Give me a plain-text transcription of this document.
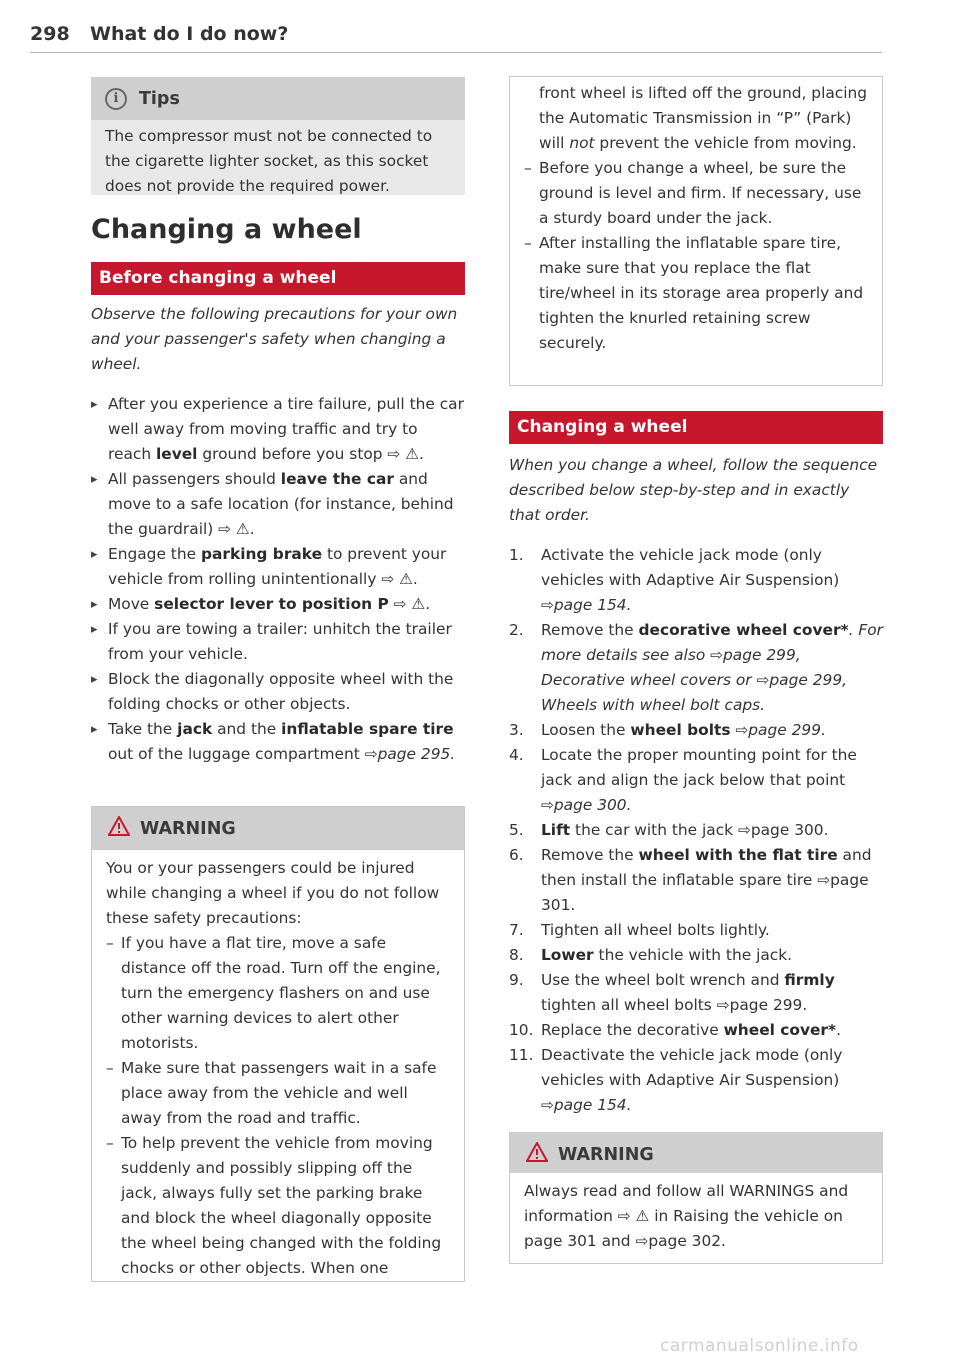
298 What do I do now?
i	Tips

The compressor must not be connected to the cigarette lighter socket, as this socket does not provide the required power.

Changing a wheel
Before changing a wheel

Observe the following precautions for your own and your passenger's safety when changing a wheel.

▸ After you experience a tire failure, pull the car well away from moving traffic and try to reach level ground before you stop ⇨ ⚠.
▸ All passengers should leave the car and move to a safe location (for instance, behind the guardrail) ⇨ ⚠.
▸ Engage the parking brake to prevent your vehicle from rolling unintentionally ⇨ ⚠.
▸ Move selector lever to position P ⇨ ⚠.
▸ If you are towing a trailer: unhitch the trailer from your vehicle.
▸ Block the diagonally opposite wheel with the folding chocks or other objects.
▸ Take the jack and the inflatable spare tire out of the luggage compartment ⇨page 295.
WARNING

You or your passengers could be injured while changing a wheel if you do not follow these safety precautions:

– If you have a flat tire, move a safe distance off the road. Turn off the engine, turn the emergency flashers on and use other warning devices to alert other motorists.
– Make sure that passengers wait in a safe place away from the vehicle and well away from the road and traffic.
– To help prevent the vehicle from moving suddenly and possibly slipping off the jack, always fully set the parking brake and block the wheel diagonally opposite the wheel being changed with the folding chocks or other objects. When one

front wheel is lifted off the ground, placing the Automatic Transmission in “P” (Park) will not prevent the vehicle from moving.

– Before you change a wheel, be sure the ground is level and firm. If necessary, use a sturdy board under the jack.
– After installing the inflatable spare tire, make sure that you replace the flat tire/wheel in its storage area properly and tighten the knurled retaining screw securely.
Changing a wheel

When you change a wheel, follow the sequence described below step-by-step and in exactly that order.

1.	Activate the vehicle jack mode (only vehicles with Adaptive Air Suspension) ⇨page 154.
2.	Remove the decorative wheel cover*. For more details see also ⇨page 299, Decorative wheel covers or ⇨page 299, Wheels with wheel bolt caps.
3.	Loosen the wheel bolts ⇨page 299.
4.	Locate the proper mounting point for the jack and align the jack below that point ⇨page 300.
5.	Lift the car with the jack ⇨page 300.
6.	Remove the wheel with the flat tire and then install the inflatable spare tire ⇨page 301.
7.	Tighten all wheel bolts lightly.
8.	Lower the vehicle with the jack.
9.	Use the wheel bolt wrench and firmly tighten all wheel bolts ⇨page 299.
10. Replace the decorative wheel cover*.
11. Deactivate the vehicle jack mode (only vehicles with Adaptive Air Suspension) ⇨page 154.
WARNING

Always read and follow all WARNINGS and information ⇨ ⚠ in Raising the vehicle on page 301 and ⇨page 302.

carmanualsonline.info
